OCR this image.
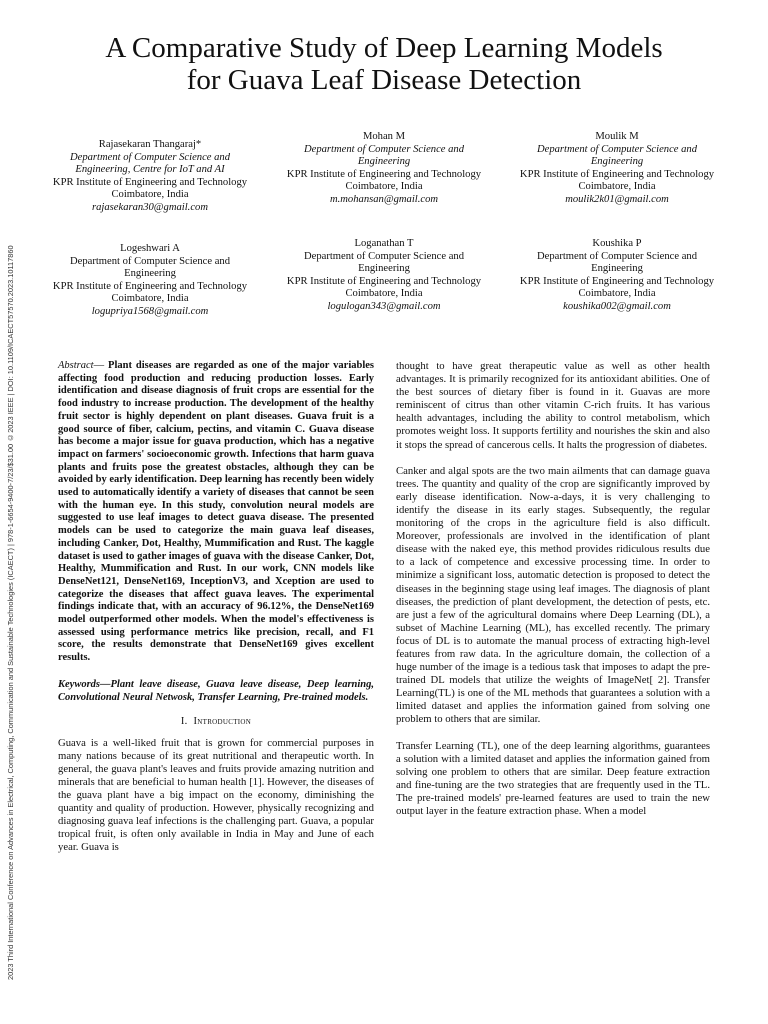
2023 Third International Conference on Advances in Electrical, Computing, Communication and Sustainable Technologies (ICAECT) | 978-1-6654-9400-7/23/$31.00 ©2023 IEEE | DOI: 10.1109/ICAECT57570.2023.10117860
A Comparative Study of Deep Learning Models
for Guava Leaf Disease Detection
Rajasekaran Thangaraj*
Department of Computer Science and Engineering, Centre for IoT and AI
KPR Institute of Engineering and Technology
Coimbatore, India
rajasekaran30@gmail.com
Mohan M
Department of Computer Science and Engineering
KPR Institute of Engineering and Technology
Coimbatore, India
m.mohansan@gmail.com
Moulik M
Department of Computer Science and Engineering
KPR Institute of Engineering and Technology
Coimbatore, India
moulik2k01@gmail.com
Logeshwari A
Department of Computer Science and Engineering
KPR Institute of Engineering and Technology
Coimbatore, India
logupriya1568@gmail.com
Loganathan T
Department of Computer Science and Engineering
KPR Institute of Engineering and Technology
Coimbatore, India
logulogan343@gmail.com
Koushika P
Department of Computer Science and Engineering
KPR Institute of Engineering and Technology
Coimbatore, India
koushika002@gmail.com

Abstract— Plant diseases are regarded as one of the major variables affecting food production and reducing production losses. Early identification and disease diagnosis of fruit crops are essential for the food industry to increase production. The development of the healthy fruit sector is highly dependent on plant diseases. Guava fruit is a good source of fiber, calcium, pectins, and vitamin C. Guava disease has become a major issue for guava production, which has a negative impact on farmers' socioeconomic growth. Infections that harm guava plants and fruits pose the greatest obstacles, although they can be avoided by early identification. Deep learning has recently been widely used to automatically identify a variety of diseases that cannot be seen with the human eye. In this study, convolution neural models are suggested to use leaf images to detect guava disease. The presented models can be used to categorize the main guava leaf diseases, including Canker, Dot, Healthy, Mummification and Rust. The kaggle dataset is used to gather images of guava with the disease Canker, Dot, Healthy, Mummification and Rust. In our work, CNN models like DenseNet121, DenseNet169, InceptionV3, and Xception are used to categorize the diseases that affect guava leaves. The experimental findings indicate that, with an accuracy of 96.12%, the DenseNet169 model outperformed other models. When the model's effectiveness is assessed using performance metrics like precision, recall, and F1 score, the results demonstrate that DenseNet169 gives excellent results.

Keywords—Plant leave disease, Guava leave disease, Deep learning, Convolutional Neural Netwosk, Transfer Learning, Pre-trained models.

I. Introduction

Guava is a well-liked fruit that is grown for commercial purposes in many nations because of its great nutritional and therapeutic worth. In general, the guava plant's leaves and fruits provide amazing nutrition and minerals that are beneficial to human health [1]. However, the diseases of the guava plant have a big impact on the economy, diminishing the quantity and quality of production. However, physically recognizing and diagnosing guava leaf infections is the challenging part. Guava, a popular tropical fruit, is often only available in India in May and June of each year. Guava is

thought to have great therapeutic value as well as other health advantages. It is primarily recognized for its antioxidant abilities. One of the best sources of dietary fiber is found in it. Guavas are more reminiscent of citrus than other vitamin C-rich fruits. It has various health advantages, including the ability to control metabolism, which promotes weight loss. It supports fertility and nourishes the skin and also it stops the spread of cancerous cells. It halts the progression of diabetes.

Canker and algal spots are the two main ailments that can damage guava trees. The quantity and quality of the crop are significantly improved by early disease identification. Now-a-days, it is very challenging to identify the disease in its early stages. Subsequently, the regular monitoring of the crops in the agriculture field is also difficult. Moreover, professionals are involved in the identification of plant disease with the naked eye, this method provides ridiculous results due to a lack of competence and excessive processing time. In order to minimize a significant loss, automatic detection is proposed to detect the diseases in the beginning stage using leaf images. The diagnosis of plant diseases, the prediction of plant development, the detection of pests, etc. are just a few of the agricultural domains where Deep Learning (DL), a subset of Machine Learning (ML), has excelled recently. The primary focus of DL is to automate the manual process of extracting high-level features from raw data. In the agriculture domain, the collection of a huge number of the image is a tedious task that imposes to adapt the pre-trained DL models that utilize the weights of ImageNet[ 2]. Transfer Learning(TL) is one of the ML methods that guarantees a solution with a limited dataset and applies the information gained from solving one problem to others that are similar.

Transfer Learning (TL), one of the deep learning algorithms, guarantees a solution with a limited dataset and applies the information gained from solving one problem to others that are similar. Deep feature extraction and fine-tuning are the two strategies that are frequently used in the TL. The pre-trained models' pre-learned features are used to train the new output layer in the feature extraction phase. When a model
